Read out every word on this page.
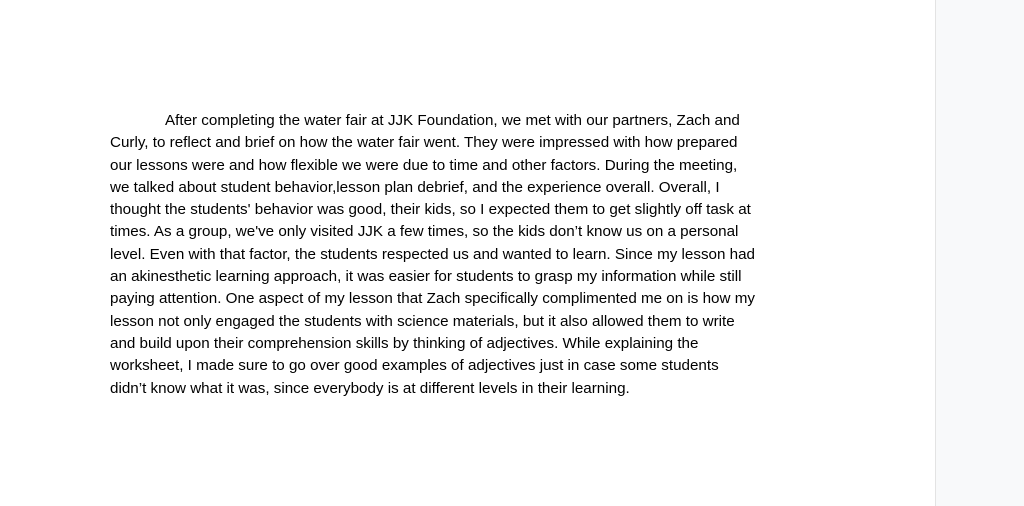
After completing the water fair at JJK Foundation, we met with our partners, Zach and
Curly, to reflect and brief on how the water fair went. They were impressed with how prepared
our lessons were and how flexible we were due to time and other factors. During the meeting,
we talked about student behavior,lesson plan debrief, and the experience overall. Overall, I
thought the students' behavior was good, their kids, so I expected them to get slightly off task at
times. As a group, we've only visited JJK a few times, so the kids don’t know us on a personal
level. Even with that factor, the students respected us and wanted to learn. Since my lesson had
an akinesthetic learning approach, it was easier for students to grasp my information while still
paying attention. One aspect of my lesson that Zach specifically complimented me on is how my
lesson not only engaged the students with science materials, but it also allowed them to write
and build upon their comprehension skills by thinking of adjectives. While explaining the
worksheet, I made sure to go over good examples of adjectives just in case some students
didn’t know what it was, since everybody is at different levels in their learning.
